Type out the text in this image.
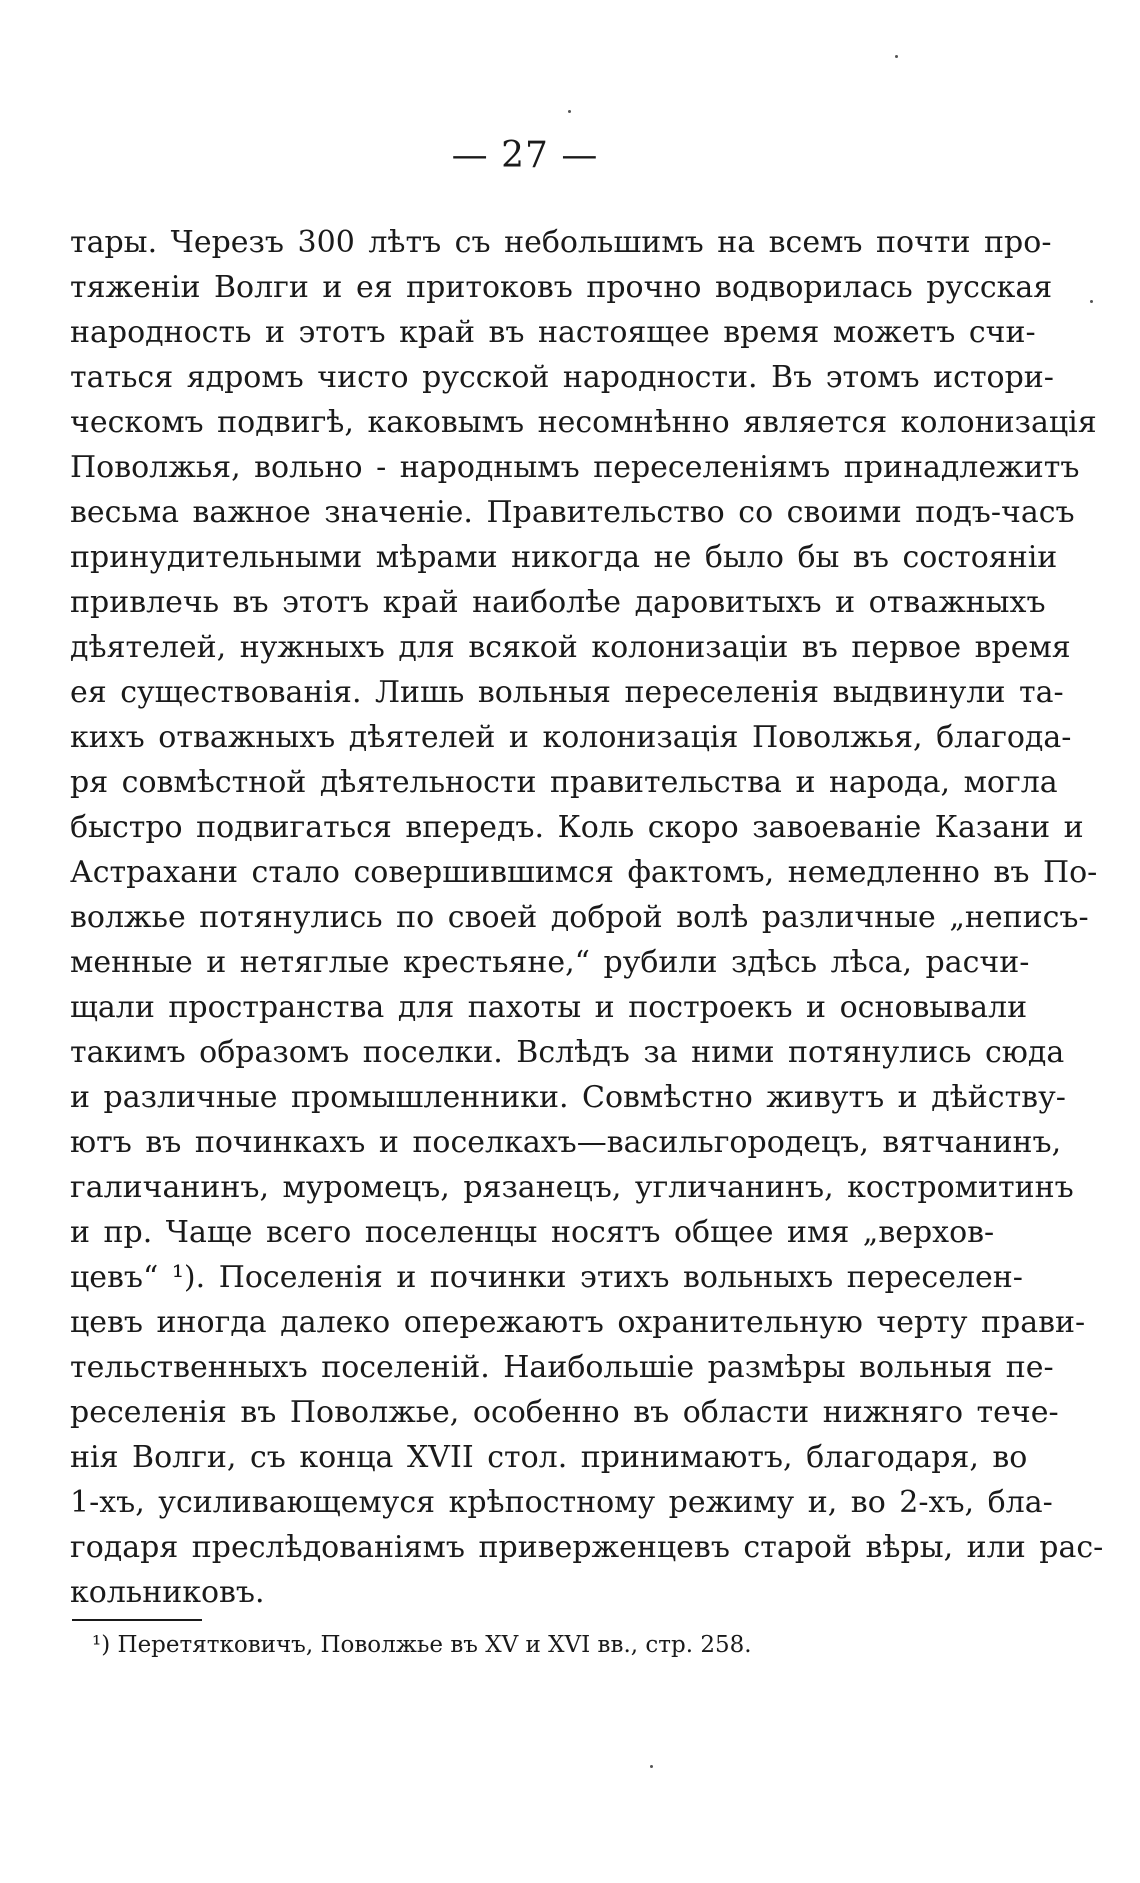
— 27 —
тары. Черезъ 300 лѣтъ съ небольшимъ на всемъ почти про-
тяженіи Волги и ея притоковъ прочно водворилась русская
народность и этотъ край въ настоящее время можетъ счи-
таться ядромъ чисто русской народности. Въ этомъ истори-
ческомъ подвигѣ, каковымъ несомнѣнно является колонизація
Поволжья, вольно - народнымъ переселеніямъ принадлежитъ
весьма важное значеніе. Правительство со своими подъ-часъ
принудительными мѣрами никогда не было бы въ состояніи
привлечь въ этотъ край наиболѣе даровитыхъ и отважныхъ
дѣятелей, нужныхъ для всякой колонизаціи въ первое время
ея существованія. Лишь вольныя переселенія выдвинули та-
кихъ отважныхъ дѣятелей и колонизація Поволжья, благода-
ря совмѣстной дѣятельности правительства и народа, могла
быстро подвигаться впередъ. Коль скоро завоеваніе Казани и
Астрахани стало совершившимся фактомъ, немедленно въ По-
волжье потянулись по своей доброй волѣ различные „неписъ-
менные и нетяглые крестьяне,“ рубили здѣсь лѣса, расчи-
щали пространства для пахоты и построекъ и основывали
такимъ образомъ поселки. Вслѣдъ за ними потянулись сюда
и различные промышленники. Совмѣстно живутъ и дѣйству-
ютъ въ починкахъ и поселкахъ—васильгородецъ, вятчанинъ,
галичанинъ, муромецъ, рязанецъ, угличанинъ, костромитинъ
и пр. Чаще всего поселенцы носятъ общее имя „верхов-
цевъ“ ¹). Поселенія и починки этихъ вольныхъ переселен-
цевъ иногда далеко опережаютъ охранительную черту прави-
тельственныхъ поселеній. Наибольшіе размѣры вольныя пе-
реселенія въ Поволжье, особенно въ области нижняго тече-
нія Волги, съ конца XVII стол. принимаютъ, благодаря, во
1-хъ, усиливающемуся крѣпостному режиму и, во 2-хъ, бла-
годаря преслѣдованіямъ приверженцевъ старой вѣры, или рас-
кольниковъ.
¹) Перетятковичъ, Поволжье въ XV и XVI вв., стр. 258.
